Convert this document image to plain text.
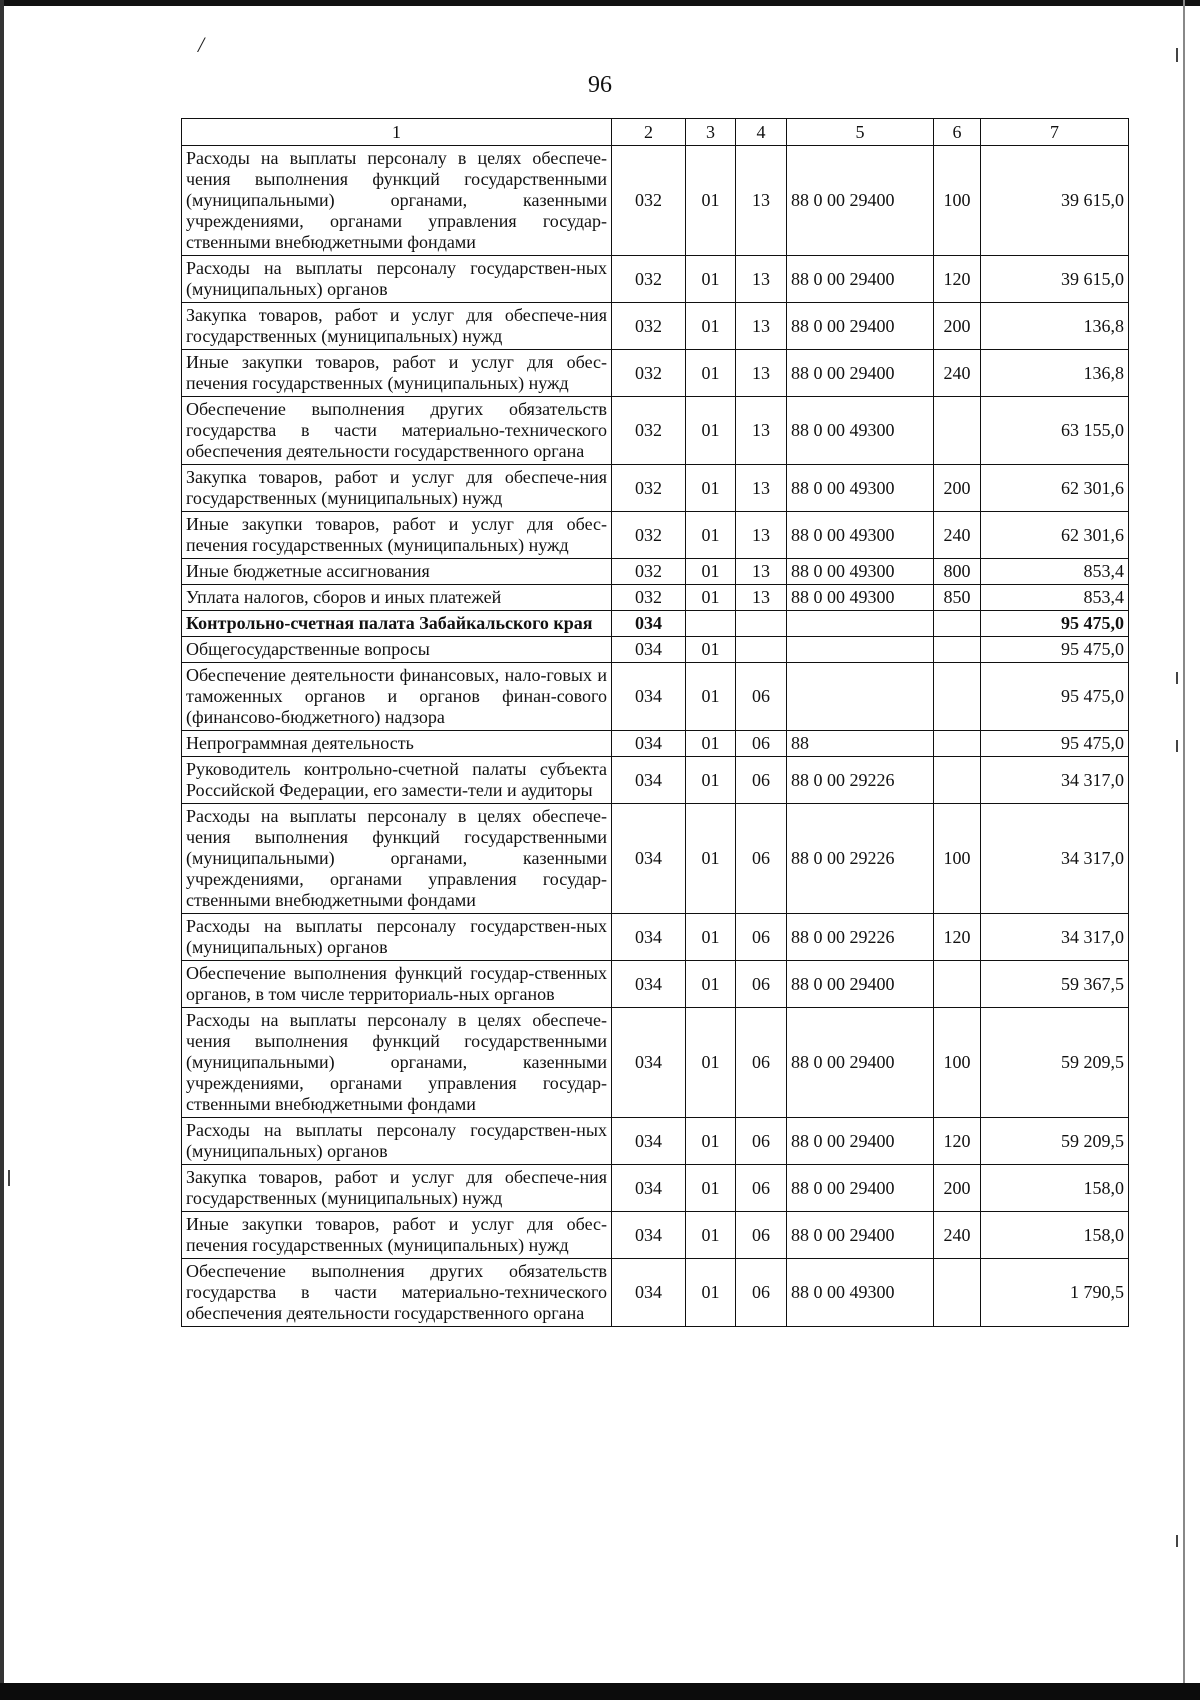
/
96
1	2	3	4	5	6	7
Расходы на выплаты персоналу в целях обеспече-чения выполнения функций государственными (муниципальными) органами, казенными учреждениями, органами управления государ-ственными внебюджетными фондами	032	01	13	88 0 00 29400	100	39 615,0
Расходы на выплаты персоналу государствен-ных (муниципальных) органов	032	01	13	88 0 00 29400	120	39 615,0
Закупка товаров, работ и услуг для обеспече-ния государственных (муниципальных) нужд	032	01	13	88 0 00 29400	200	136,8
Иные закупки товаров, работ и услуг для обес-печения государственных (муниципальных) нужд	032	01	13	88 0 00 29400	240	136,8
Обеспечение выполнения других обязательств государства в части материально-технического обеспечения деятельности государственного органа	032	01	13	88 0 00 49300		63 155,0
Закупка товаров, работ и услуг для обеспече-ния государственных (муниципальных) нужд	032	01	13	88 0 00 49300	200	62 301,6
Иные закупки товаров, работ и услуг для обес-печения государственных (муниципальных) нужд	032	01	13	88 0 00 49300	240	62 301,6
Иные бюджетные ассигнования	032	01	13	88 0 00 49300	800	853,4
Уплата налогов, сборов и иных платежей	032	01	13	88 0 00 49300	850	853,4
Контрольно-счетная палата Забайкальского края	034					95 475,0
Общегосударственные вопросы	034	01				95 475,0
Обеспечение деятельности финансовых, нало-говых и таможенных органов и органов финан-сового (финансово-бюджетного) надзора	034	01	06			95 475,0
Непрограммная деятельность	034	01	06	88		95 475,0
Руководитель контрольно-счетной палаты субъекта Российской Федерации, его замести-тели и аудиторы	034	01	06	88 0 00 29226		34 317,0
Расходы на выплаты персоналу в целях обеспече-чения выполнения функций государственными (муниципальными) органами, казенными учреждениями, органами управления государ-ственными внебюджетными фондами	034	01	06	88 0 00 29226	100	34 317,0
Расходы на выплаты персоналу государствен-ных (муниципальных) органов	034	01	06	88 0 00 29226	120	34 317,0
Обеспечение выполнения функций государ-ственных органов, в том числе территориаль-ных органов	034	01	06	88 0 00 29400		59 367,5
Расходы на выплаты персоналу в целях обеспече-чения выполнения функций государственными (муниципальными) органами, казенными учреждениями, органами управления государ-ственными внебюджетными фондами	034	01	06	88 0 00 29400	100	59 209,5
Расходы на выплаты персоналу государствен-ных (муниципальных) органов	034	01	06	88 0 00 29400	120	59 209,5
Закупка товаров, работ и услуг для обеспече-ния государственных (муниципальных) нужд	034	01	06	88 0 00 29400	200	158,0
Иные закупки товаров, работ и услуг для обес-печения государственных (муниципальных) нужд	034	01	06	88 0 00 29400	240	158,0
Обеспечение выполнения других обязательств государства в части материально-технического обеспечения деятельности государственного органа	034	01	06	88 0 00 49300		1 790,5
